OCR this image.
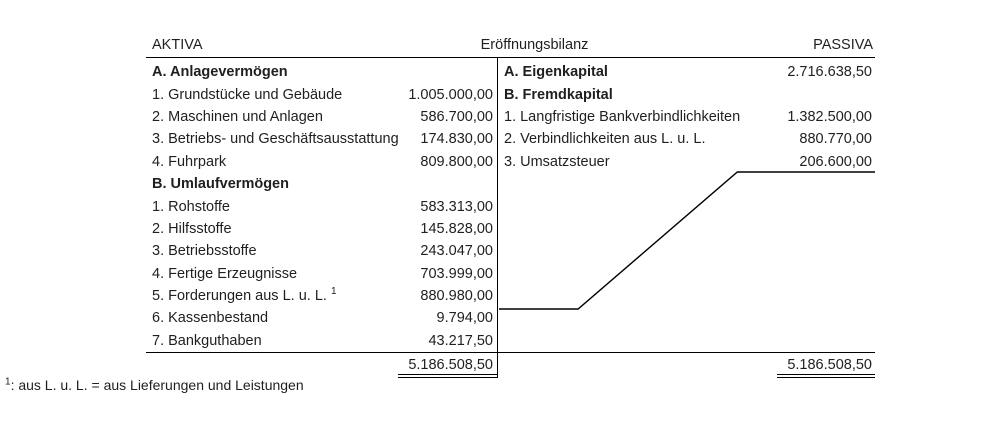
AKTIVA	Eröffnungsbilanz	PASSIVA
A. Anlagevermögen
1. Grundstücke und Gebäude	1.005.000,00
2. Maschinen und Anlagen	586.700,00
3. Betriebs- und Geschäftsausstattung 174.830,00
4. Fuhrpark	809.800,00
B. Umlaufvermögen
1. Rohstoffe	583.313,00
2. Hilfsstoffe	145.828,00
3. Betriebsstoffe	243.047,00
4. Fertige Erzeugnisse	703.999,00
5. Forderungen aus L. u. L. $^1$	880.980,00
6. Kassenbestand	9.794,00
7. Bankguthaben	43.217,50
5.186.508,50
A. Eigenkapital	2.716.638,50
B. Fremdkapital
1. Langfristige Bankverbindlichkeiten	1.382.500,00
2. Verbindlichkeiten aus L. u. L.	880.770,00
3. Umsatzsteuer	206.600,00
5.186.508,50
$^1$: aus L. u. L. = aus Lieferungen und Leistungen
